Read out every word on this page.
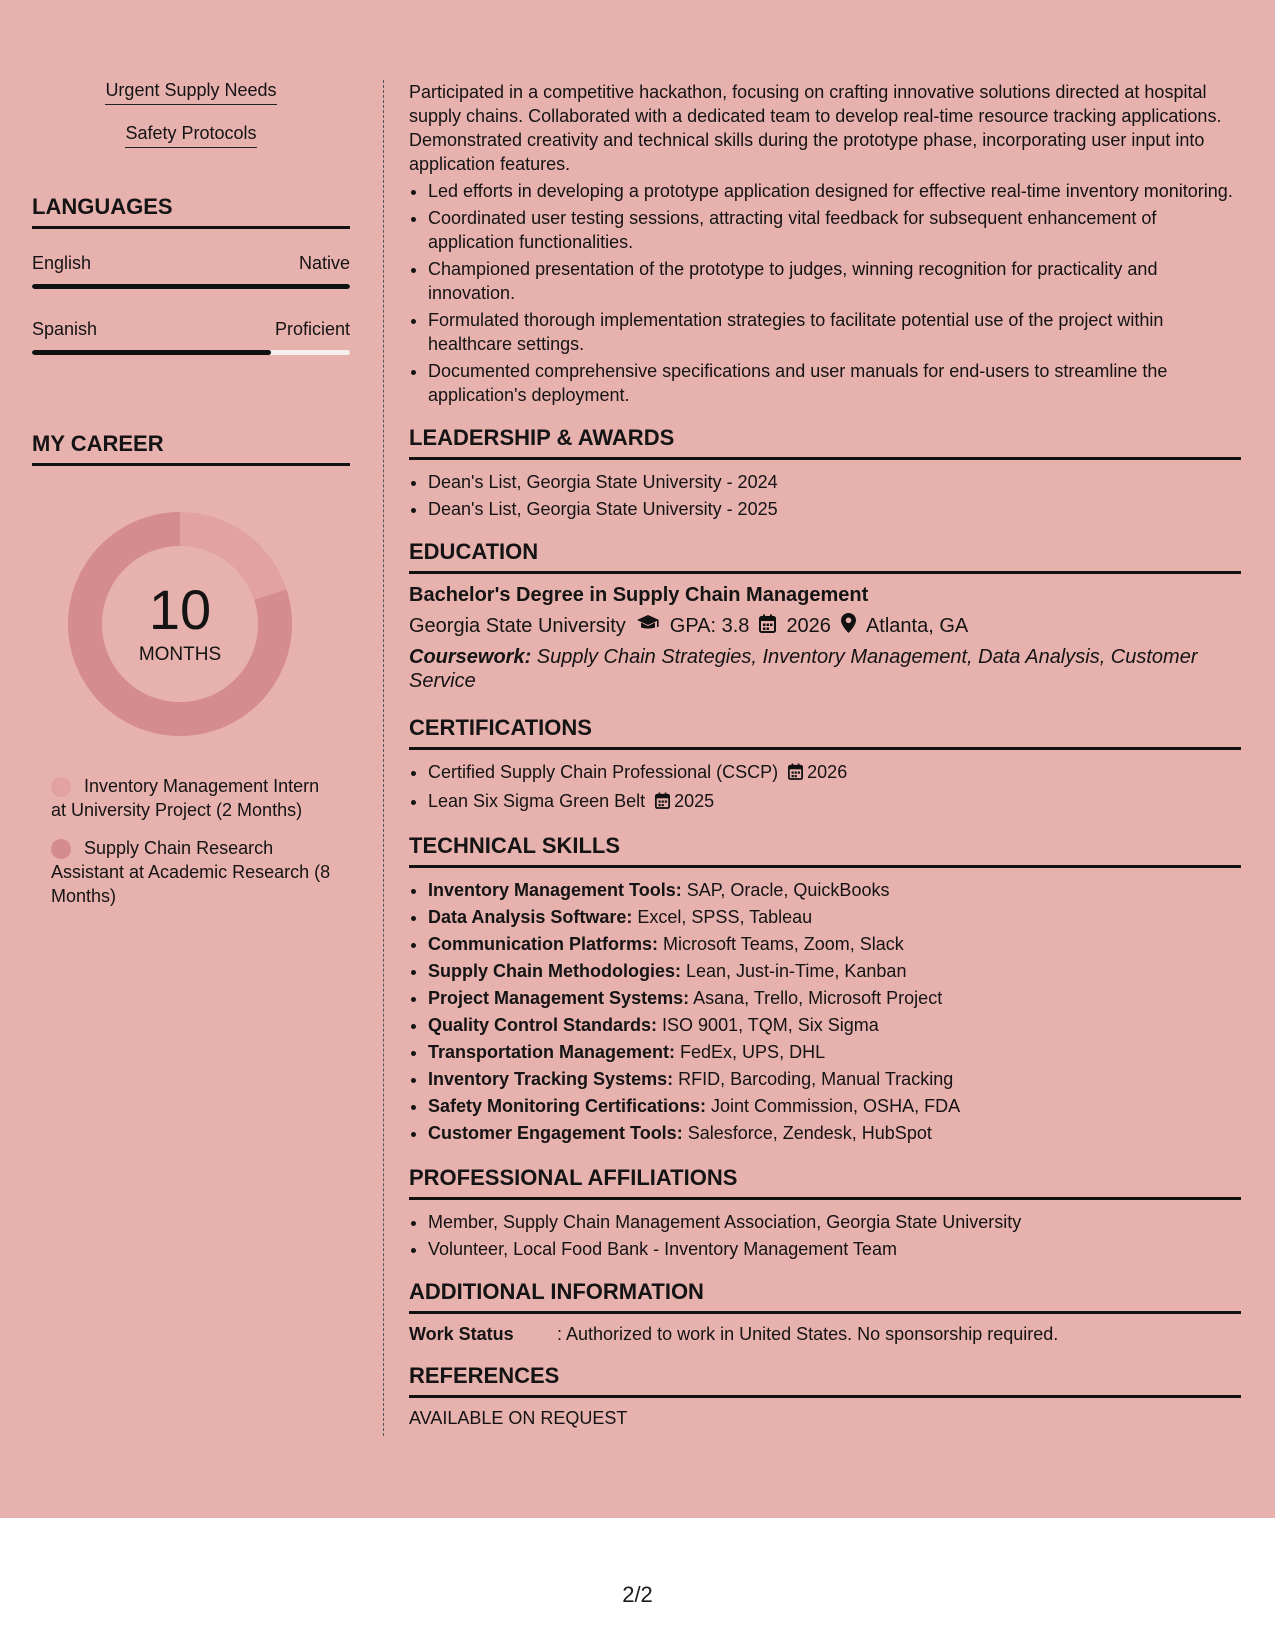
Urgent Supply Needs
Safety Protocols
LANGUAGES
English	Native
Spanish	Proficient
MY CAREER
10
MONTHS
Inventory Management Intern at University Project (2 Months)
Supply Chain Research Assistant at Academic Research (8 Months)

Participated in a competitive hackathon, focusing on crafting innovative solutions directed at hospital supply chains. Collaborated with a dedicated team to develop real-time resource tracking applications. Demonstrated creativity and technical skills during the prototype phase, incorporating user input into application features.

• Led efforts in developing a prototype application designed for effective real-time inventory monitoring.
• Coordinated user testing sessions, attracting vital feedback for subsequent enhancement of application functionalities.
• Championed presentation of the prototype to judges, winning recognition for practicality and innovation.
• Formulated thorough implementation strategies to facilitate potential use of the project within healthcare settings.
• Documented comprehensive specifications and user manuals for end-users to streamline the application's deployment.
LEADERSHIP & AWARDS
• Dean's List, Georgia State University - 2024
• Dean's List, Georgia State University - 2025
EDUCATION
Bachelor's Degree in Supply Chain Management
Georgia State University GPA: 3.8 2026 Atlanta, GA
Coursework: Supply Chain Strategies, Inventory Management, Data Analysis, Customer Service
CERTIFICATIONS
• Certified Supply Chain Professional (CSCP) 2026
• Lean Six Sigma Green Belt 2025
TECHNICAL SKILLS
• Inventory Management Tools: SAP, Oracle, QuickBooks
• Data Analysis Software: Excel, SPSS, Tableau
• Communication Platforms: Microsoft Teams, Zoom, Slack
• Supply Chain Methodologies: Lean, Just-in-Time, Kanban
• Project Management Systems: Asana, Trello, Microsoft Project
• Quality Control Standards: ISO 9001, TQM, Six Sigma
• Transportation Management: FedEx, UPS, DHL
• Inventory Tracking Systems: RFID, Barcoding, Manual Tracking
• Safety Monitoring Certifications: Joint Commission, OSHA, FDA
• Customer Engagement Tools: Salesforce, Zendesk, HubSpot
PROFESSIONAL AFFILIATIONS
• Member, Supply Chain Management Association, Georgia State University
• Volunteer, Local Food Bank - Inventory Management Team
ADDITIONAL INFORMATION
Work Status	: Authorized to work in United States. No sponsorship required.
REFERENCES
AVAILABLE ON REQUEST
2/2
